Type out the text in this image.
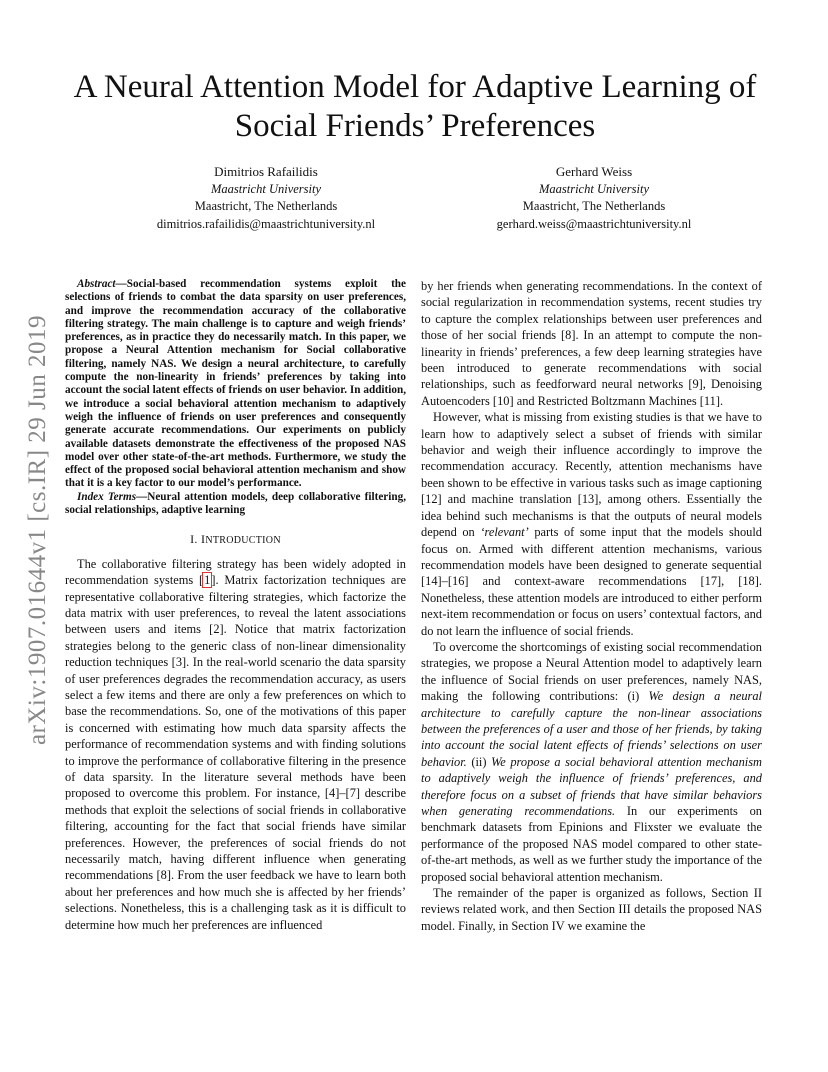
arXiv:1907.01644v1 [cs.IR] 29 Jun 2019
A Neural Attention Model for Adaptive Learning of Social Friends’ Preferences
Dimitrios Rafailidis
Maastricht University
Maastricht, The Netherlands
dimitrios.rafailidis@maastrichtuniversity.nl
Gerhard Weiss
Maastricht University
Maastricht, The Netherlands
gerhard.weiss@maastrichtuniversity.nl

Abstract—Social-based recommendation systems exploit the selections of friends to combat the data sparsity on user preferences, and improve the recommendation accuracy of the collaborative filtering strategy. The main challenge is to capture and weigh friends’ preferences, as in practice they do necessarily match. In this paper, we propose a Neural Attention mechanism for Social collaborative filtering, namely NAS. We design a neural architecture, to carefully compute the non-linearity in friends’ preferences by taking into account the social latent effects of friends on user behavior. In addition, we introduce a social behavioral attention mechanism to adaptively weigh the influence of friends on user preferences and consequently generate accurate recommendations. Our experiments on publicly available datasets demonstrate the effectiveness of the proposed NAS model over other state-of-the-art methods. Furthermore, we study the effect of the proposed social behavioral attention mechanism and show that it is a key factor to our model’s performance.

Index Terms—Neural attention models, deep collaborative filtering, social relationships, adaptive learning

I. INTRODUCTION

The collaborative filtering strategy has been widely adopted in recommendation systems [1]. Matrix factorization techniques are representative collaborative filtering strategies, which factorize the data matrix with user preferences, to reveal the latent associations between users and items [2]. Notice that matrix factorization strategies belong to the generic class of non-linear dimensionality reduction techniques [3]. In the real-world scenario the data sparsity of user preferences degrades the recommendation accuracy, as users select a few items and there are only a few preferences on which to base the recommendations. So, one of the motivations of this paper is concerned with estimating how much data sparsity affects the performance of recommendation systems and with finding solutions to improve the performance of collaborative filtering in the presence of data sparsity. In the literature several methods have been proposed to overcome this problem. For instance, [4]–[7] describe methods that exploit the selections of social friends in collaborative filtering, accounting for the fact that social friends have similar preferences. However, the preferences of social friends do not necessarily match, having different influence when generating recommendations [8]. From the user feedback we have to learn both about her preferences and how much she is affected by her friends’ selections. Nonetheless, this is a challenging task as it is difficult to determine how much her preferences are influenced

by her friends when generating recommendations. In the context of social regularization in recommendation systems, recent studies try to capture the complex relationships between user preferences and those of her social friends [8]. In an attempt to compute the non-linearity in friends’ preferences, a few deep learning strategies have been introduced to generate recommendations with social relationships, such as feedforward neural networks [9], Denoising Autoencoders [10] and Restricted Boltzmann Machines [11].

However, what is missing from existing studies is that we have to learn how to adaptively select a subset of friends with similar behavior and weigh their influence accordingly to improve the recommendation accuracy. Recently, attention mechanisms have been shown to be effective in various tasks such as image captioning [12] and machine translation [13], among others. Essentially the idea behind such mechanisms is that the outputs of neural models depend on ‘relevant’ parts of some input that the models should focus on. Armed with different attention mechanisms, various recommendation models have been designed to generate sequential [14]–[16] and context-aware recommendations [17], [18]. Nonetheless, these attention models are introduced to either perform next-item recommendation or focus on users’ contextual factors, and do not learn the influence of social friends.

To overcome the shortcomings of existing social recommendation strategies, we propose a Neural Attention model to adaptively learn the influence of Social friends on user preferences, namely NAS, making the following contributions: (i) We design a neural architecture to carefully capture the non-linear associations between the preferences of a user and those of her friends, by taking into account the social latent effects of friends’ selections on user behavior. (ii) We propose a social behavioral attention mechanism to adaptively weigh the influence of friends’ preferences, and therefore focus on a subset of friends that have similar behaviors when generating recommendations. In our experiments on benchmark datasets from Epinions and Flixster we evaluate the performance of the proposed NAS model compared to other state-of-the-art methods, as well as we further study the importance of the proposed social behavioral attention mechanism.

The remainder of the paper is organized as follows, Section II reviews related work, and then Section III details the proposed NAS model. Finally, in Section IV we examine the
